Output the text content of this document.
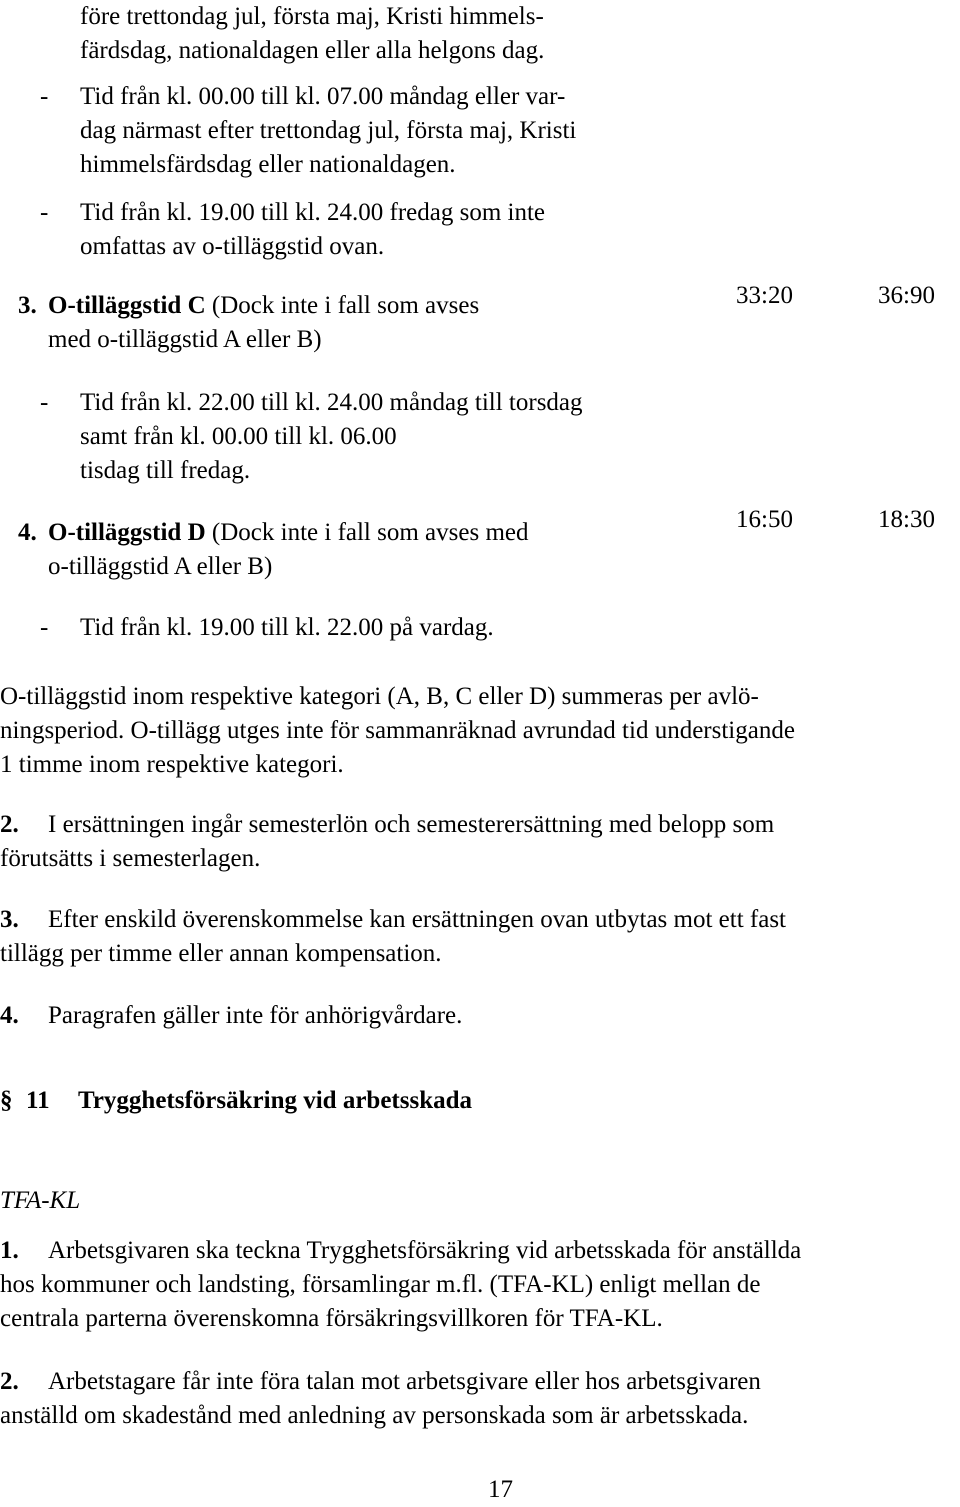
före trettondag jul, första maj, Kristi himmels-
färdsdag, nationaldagen eller alla helgons dag.
- Tid från kl. 00.00 till kl. 07.00 måndag eller var-
dag närmast efter trettondag jul, första maj, Kristi
himmelsfärdsdag eller nationaldagen.
- Tid från kl. 19.00 till kl. 24.00 fredag som inte
omfattas av o-tilläggstid ovan.
3. O-tilläggstid C (Dock inte i fall som avses
med o-tilläggstid A eller B)
33:20	36:90
- Tid från kl. 22.00 till kl. 24.00 måndag till torsdag
samt från kl. 00.00 till kl. 06.00
tisdag till fredag.
4. O-tilläggstid D (Dock inte i fall som avses med
o-tilläggstid A eller B)
16:50	18:30
- Tid från kl. 19.00 till kl. 22.00 på vardag.
O-tilläggstid inom respektive kategori (A, B, C eller D) summeras per avlö-
ningsperiod. O-tillägg utges inte för sammanräknad avrundad tid understigande
1 timme inom respektive kategori.
2. I ersättningen ingår semesterlön och semesterersättning med belopp som
förutsätts i semesterlagen.
3. Efter enskild överenskommelse kan ersättningen ovan utbytas mot ett fast
tillägg per timme eller annan kompensation.
4. Paragrafen gäller inte för anhörigvårdare.
§ 11 Trygghetsförsäkring vid arbetsskada
TFA-KL
1. Arbetsgivaren ska teckna Trygghetsförsäkring vid arbetsskada för anställda
hos kommuner och landsting, församlingar m.fl. (TFA-KL) enligt mellan de
centrala parterna överenskomna försäkringsvillkoren för TFA-KL.
2. Arbetstagare får inte föra talan mot arbetsgivare eller hos arbetsgivaren
anställd om skadestånd med anledning av personskada som är arbetsskada.
17
